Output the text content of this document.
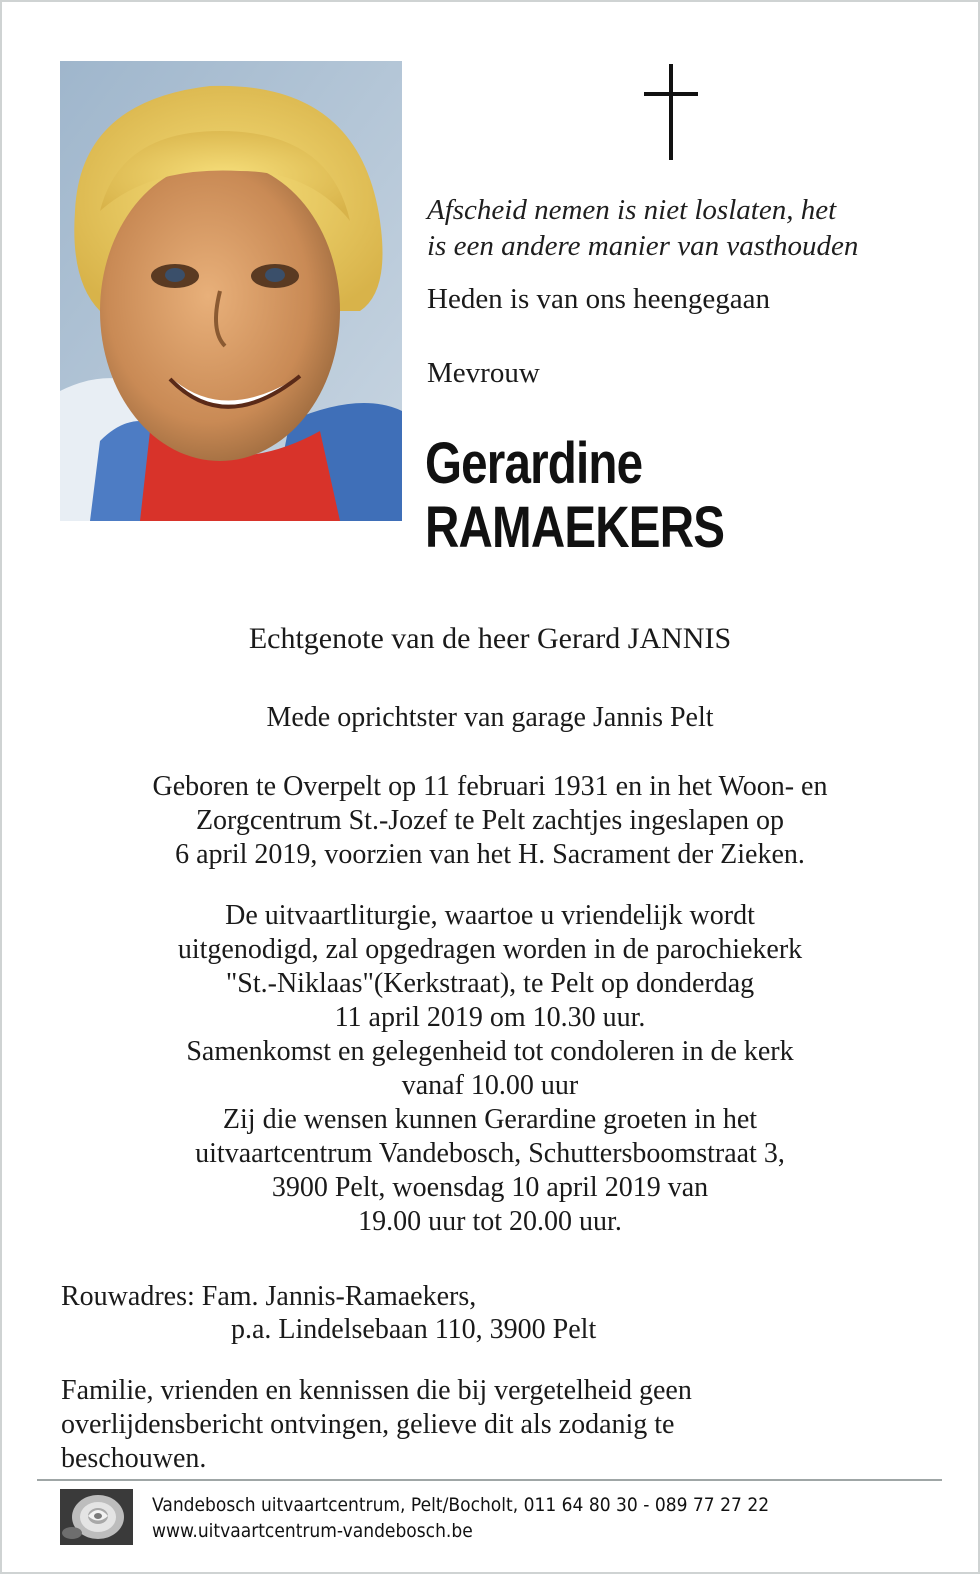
Afscheid nemen is niet loslaten, het
is een andere manier van vasthouden
Heden is van ons heengegaan
Mevrouw
Gerardine
RAMAEKERS
Echtgenote van de heer Gerard JANNIS
Mede oprichtster van garage Jannis Pelt
Geboren te Overpelt op 11 februari 1931 en in het Woon- en
Zorgcentrum St.-Jozef te Pelt zachtjes ingeslapen op
6 april 2019, voorzien van het H. Sacrament der Zieken.
De uitvaartliturgie, waartoe u vriendelijk wordt
uitgenodigd, zal opgedragen worden in de parochiekerk
"St.-Niklaas"(Kerkstraat), te Pelt op donderdag
11 april 2019 om 10.30 uur.
Samenkomst en gelegenheid tot condoleren in de kerk
vanaf 10.00 uur
Zij die wensen kunnen Gerardine groeten in het
uitvaartcentrum Vandebosch, Schuttersboomstraat 3,
3900 Pelt, woensdag 10 april 2019 van
19.00 uur tot 20.00 uur.
Rouwadres: Fam. Jannis-Ramaekers,
p.a. Lindelsebaan 110, 3900 Pelt
Familie, vrienden en kennissen die bij vergetelheid geen
overlijdensbericht ontvingen, gelieve dit als zodanig te
beschouwen.
Vandebosch uitvaartcentrum, Pelt/Bocholt, 011 64 80 30 - 089 77 27 22
www.uitvaartcentrum-vandebosch.be
